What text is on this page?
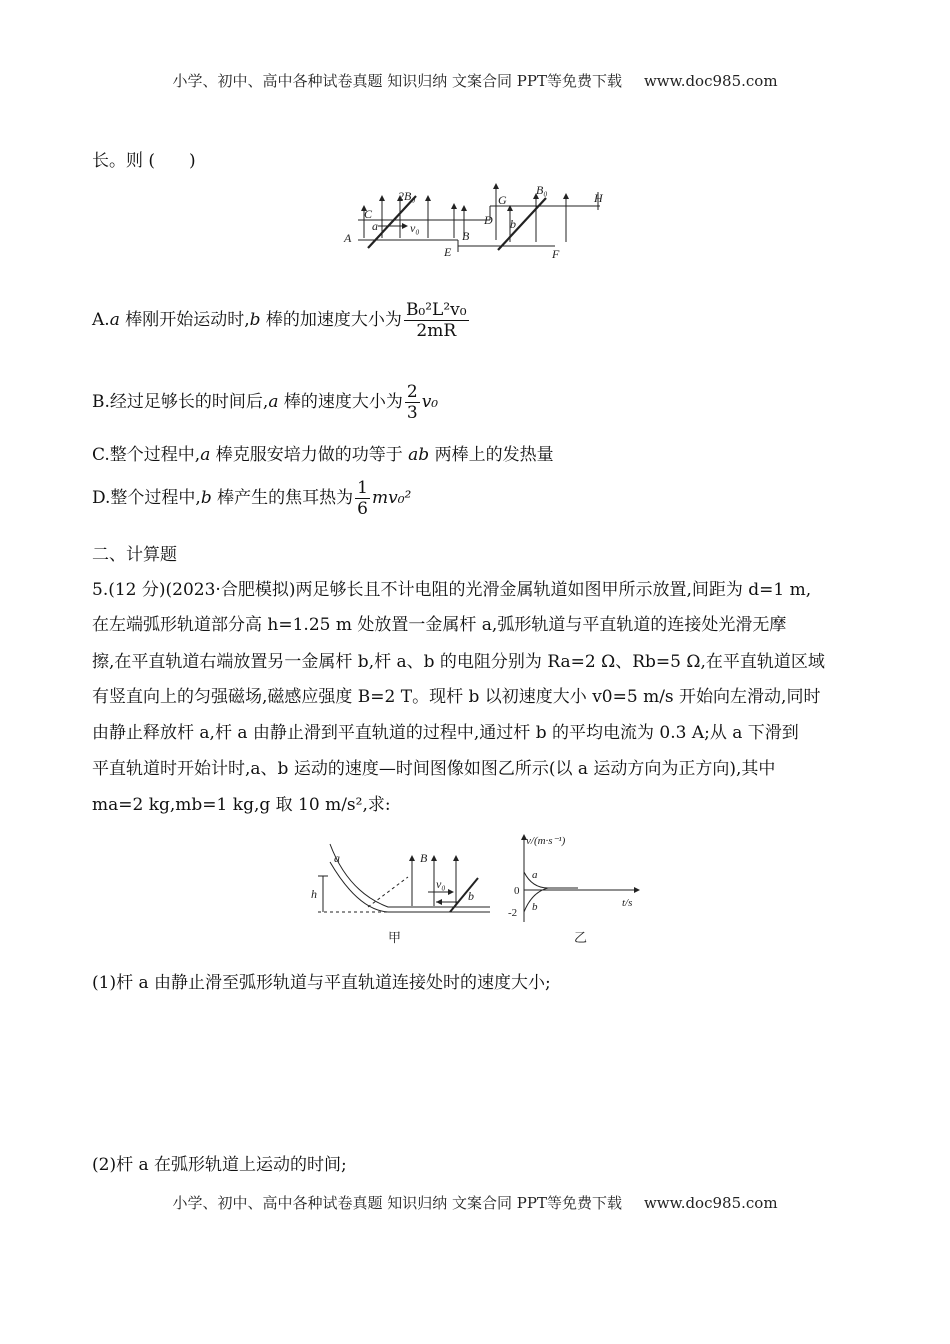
小学、初中、高中各种试卷真题 知识归纳 文案合同 PPT等免费下载 www.doc985.com
长。则 (　　)
C
2B₀
A
a	v₀
B
E
G
D b
B₀
H
F
A.a 棒刚开始运动时,b 棒的加速度大小为 $\frac{\text{B₀²L²v₀}}{2mR}$
B.经过足够长的时间后,a 棒的速度大小为 $\frac{2}{3} v_0$
C.整个过程中,a 棒克服安培力做的功等于 ab 两棒上的发热量
D.整个过程中,b 棒产生的焦耳热为 $\frac{1}{6} mv_0^2$
二、计算题
5.(12 分)(2023·合肥模拟)两足够长且不计电阻的光滑金属轨道如图甲所示放置,间距为 d=1 m,
在左端弧形轨道部分高 h=1.25 m 处放置一金属杆 a,弧形轨道与平直轨道的连接处光滑无摩
擦,在平直轨道右端放置另一金属杆 b,杆 a、b 的电阻分别为 Ra=2 Ω、Rb=5 Ω,在平直轨道区域
有竖直向上的匀强磁场,磁感应强度 B=2 T。现杆 b 以初速度大小 v0=5 m/s 开始向左滑动,同时
由静止释放杆 a,杆 a 由静止滑到平直轨道的过程中,通过杆 b 的平均电流为 0.3 A;从 a 下滑到
平直轨道时开始计时,a、b 运动的速度—时间图像如图乙所示(以 a 运动方向为正方向),其中
ma=2 kg,mb=1 kg,g 取 10 m/s²,求:
a	B
h
v₀
b
甲
v/(m·s⁻¹)
t/s
a
b
0
-2
乙
(1)杆 a 由静止滑至弧形轨道与平直轨道连接处时的速度大小;
(2)杆 a 在弧形轨道上运动的时间;
小学、初中、高中各种试卷真题 知识归纳 文案合同 PPT等免费下载 www.doc985.com
